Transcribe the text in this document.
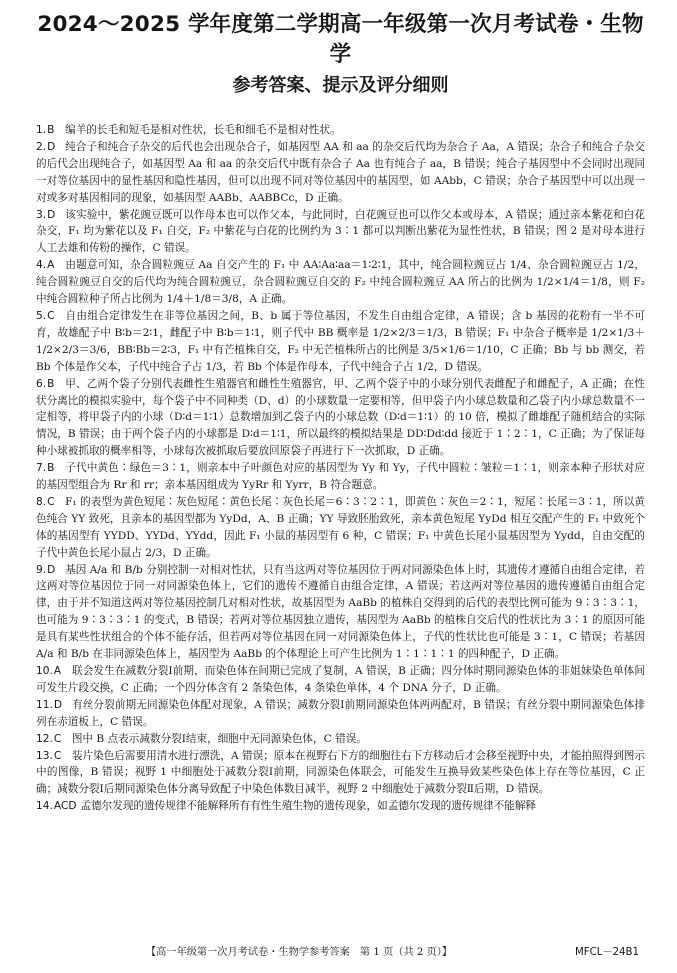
2024～2025 学年度第二学期高一年级第一次月考试卷・生物学
参考答案、提示及评分细则

1.B 编羊的长毛和短毛是相对性状，长毛和细毛不是相对性状。

2.D 纯合子和纯合子杂交的后代也会出现杂合子，如基因型 AA 和 aa 的杂交后代均为杂合子 Aa，A 错误；杂合子和纯合子杂交的后代会出现纯合子，如基因型 Aa 和 aa 的杂交后代中既有杂合子 Aa 也有纯合子 aa，B 错误；纯合子基因型中不会同时出现同一对等位基因中的显性基因和隐性基因，但可以出现不同对等位基因中的基因型，如 AAbb，C 错误；杂合子基因型中可以出现一对或多对基因相同的现象，如基因型 AABb、AABBCc，D 正确。

3.D 该实验中，紫花豌豆既可以作母本也可以作父本，与此同时，白花豌豆也可以作父本或母本，A 错误；通过亲本紫花和白花杂交，F₁ 均为紫花以及 F₁ 自交，F₂ 中紫花与白花的比例约为 3∶1 都可以判断出紫花为显性性状，B 错误；图 2 是对母本进行人工去雄和传粉的操作，C 错误。

4.A 由题意可知，杂合圆粒豌豆 Aa 自交产生的 F₁ 中 AA∶Aa∶aa＝1∶2∶1，其中，纯合圆粒豌豆占 1/4、杂合圆粒豌豆占 1/2，纯合圆粒豌豆自交的后代均为纯合圆粒豌豆，杂合圆粒豌豆自交的 F₂ 中纯合圆粒豌豆 AA 所占的比例为 1/2×1/4＝1/8，则 F₂ 中纯合圆粒种子所占比例为 1/4＋1/8＝3/8，A 正确。

5.C 自由组合定律发生在非等位基因之间，B、b 属于等位基因，不发生自由组合定律，A 错误；含 b 基因的花粉有一半不可育，故雄配子中 B∶b＝2∶1，雌配子中 B∶b＝1∶1，则子代中 BB 概率是 1/2×2/3＝1/3，B 错误；F₁ 中杂合子概率是 1/2×1/3＋1/2×2/3＝3/6，BB∶Bb＝2∶3，F₁ 中有芒植株自交，F₂ 中无芒植株所占的比例是 3/5×1/6＝1/10，C 正确；Bb 与 bb 测交，若 Bb 个体是作父本，子代中纯合子占 1/3，若 Bb 个体是作母本，子代中纯合子占 1/2，D 错误。

6.B 甲、乙两个袋子分别代表雌性生殖器官和雌性生殖器官，甲、乙两个袋子中的小球分别代表雌配子和雌配子，A 正确；在性状分离比的模拟实验中，每个袋子中不同种类（D、d）的小球数量一定要相等，但甲袋子内小球总数量和乙袋子内小球总数量不一定相等，将甲袋子内的小球（D∶d＝1∶1）总数增加到乙袋子内的小球总数（D∶d＝1∶1）的 10 倍，模拟了雌雄配子随机结合的实际情况，B 错误；由于两个袋子内的小球都是 D∶d＝1∶1，所以最终的模拟结果是 DD∶Dd∶dd 接近于 1∶2∶1，C 正确；为了保证每种小球被抓取的概率相等，小球每次被抓取后要放回原袋子再进行下一次抓取，D 正确。

7.B 子代中黄色∶绿色＝3∶1，则亲本中子叶颜色对应的基因型为 Yy 和 Yy，子代中圆粒∶皱粒＝1∶1，则亲本种子形状对应的基因型组合为 Rr 和 rr；亲本基因组成为 YyRr 和 Yyrr，B 符合题意。

8.C F₁ 的表型为黄色短尾∶灰色短尾∶黄色长尾∶灰色长尾＝6∶3∶2∶1，即黄色∶灰色＝2∶1，短尾∶长尾＝3∶1，所以黄色纯合 YY 致死，且亲本的基因型都为 YyDd，A、B 正确；YY 导致胚胎致死，亲本黄色短尾 YyDd 相互交配产生的 F₁ 中致死个体的基因型有 YYDD、YYDd、YYdd，因此 F₁ 小鼠的基因型有 6 种，C 错误；F₁ 中黄色长尾小鼠基因型为 Yydd，自由交配的子代中黄色长尾小鼠占 2/3，D 正确。

9.D 基因 A/a 和 B/b 分别控制一对相对性状，只有当这两对等位基因位于两对同源染色体上时，其遗传才遵循自由组合定律，若这两对等位基因位于同一对同源染色体上，它们的遗传不遵循自由组合定律，A 错误；若这两对等位基因的遗传遵循自由组合定律，由于并不知道这两对等位基因控制几对相对性状，故基因型为 AaBb 的植株自交得到的后代的表型比例可能为 9∶3∶3∶1，也可能为 9∶3∶3∶1 的变式，B 错误；若两对等位基因独立遗传，基因型为 AaBb 的植株自交后代的性状比为 3∶1 的原因可能是具有某些性状组合的个体不能存活，但若两对等位基因在同一对同源染色体上，子代的性状比也可能是 3∶1，C 错误；若基因 A/a 和 B/b 在非同源染色体上，基因型为 AaBb 的个体理论上可产生比例为 1∶1∶1∶1 的四种配子，D 正确。

10.A 联会发生在减数分裂Ⅰ前期，而染色体在间期已完成了复制，A 错误，B 正确；四分体时期同源染色体的非姐妹染色单体间可发生片段交换，C 正确；一个四分体含有 2 条染色体，4 条染色单体，4 个 DNA 分子，D 正确。

11.D 有丝分裂前期无同源染色体配对现象，A 错误；减数分裂Ⅰ前期同源染色体两两配对，B 错误；有丝分裂中期同源染色体排列在赤道板上，C 错误。

12.C 图中 B 点表示减数分裂Ⅰ结束，细胞中无同源染色体，C 错误。

13.C 装片染色后需要用清水进行漂洗，A 错误；原本在视野右下方的细胞往右下方移动后才会移至视野中央，才能拍照得到图示中的图像，B 错误；视野 1 中细胞处于减数分裂Ⅰ前期，同源染色体联会，可能发生互换导致某些染色体上存在等位基因，C 正确；减数分裂Ⅰ后期同源染色体分离导致配子中染色体数目减半，视野 2 中细胞处于减数分裂Ⅱ后期，D 错误。

14.ACD 孟德尔发现的遗传规律不能解释所有有性生殖生物的遗传现象，如孟德尔发现的遗传规律不能解释

【高一年级第一次月考试卷・生物学参考答案　第 1 页（共 2 页）】	MFCL－24B1
